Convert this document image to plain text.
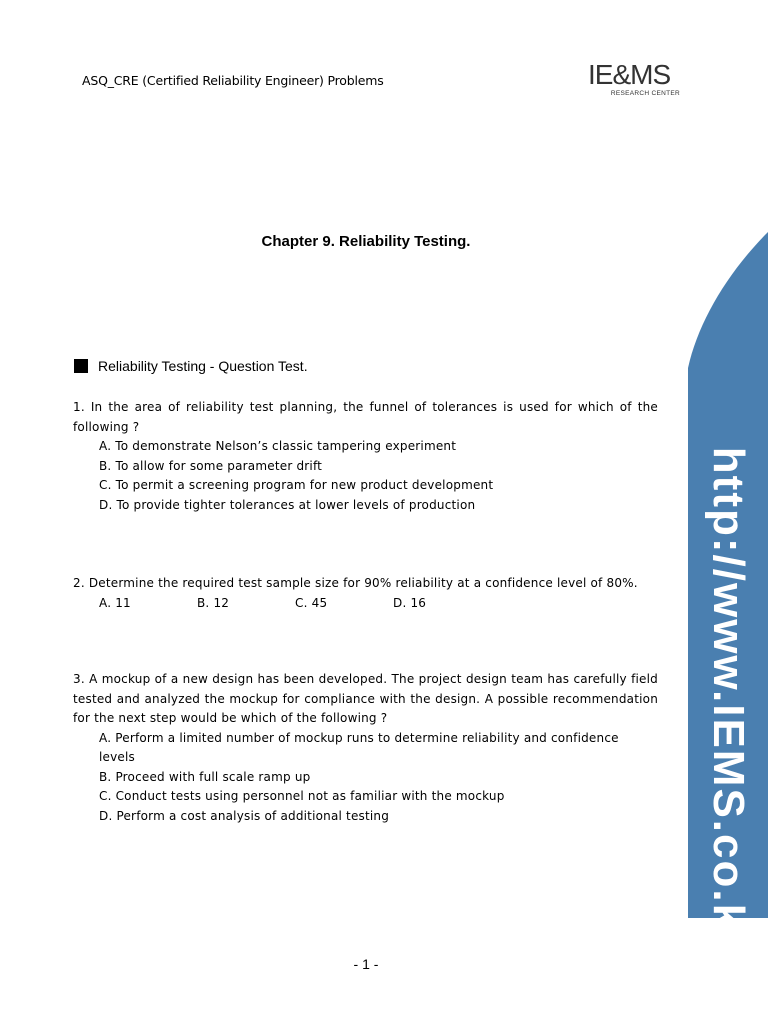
ASQ_CRE (Certified Reliability Engineer) Problems	IE&MS
RESEARCH CENTER
http://www.IEMS.co.kr
Chapter 9. Reliability Testing.
Reliability Testing - Question Test.

1. In the area of reliability test planning, the funnel of tolerances is used for which of the following ?

A. To demonstrate Nelson’s classic tampering experiment

B. To allow for some parameter drift

C. To permit a screening program for new product development

D. To provide tighter tolerances at lower levels of production

2. Determine the required test sample size for 90% reliability at a confidence level of 80%.

A. 11	B. 12	C. 45	D. 16

3. A mockup of a new design has been developed. The project design team has carefully field tested and analyzed the mockup for compliance with the design. A possible recommendation for the next step would be which of the following ?

A. Perform a limited number of mockup runs to determine reliability and confidence levels

B. Proceed with full scale ramp up

C. Conduct tests using personnel not as familiar with the mockup

D. Perform a cost analysis of additional testing

- 1 -
